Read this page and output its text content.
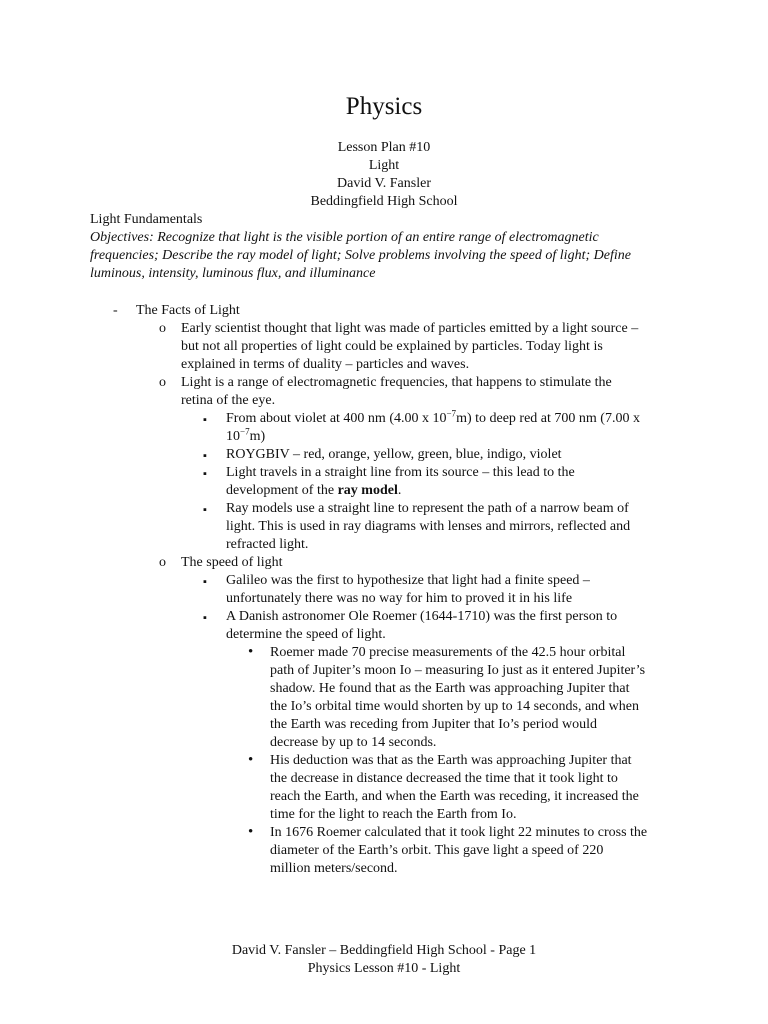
Physics
Lesson Plan #10
Light
David V. Fansler
Beddingfield High School
Light Fundamentals
Objectives: Recognize that light is the visible portion of an entire range of electromagnetic
frequencies; Describe the ray model of light; Solve problems involving the speed of light; Define
luminous, intensity, luminous flux, and illuminance
- The Facts of Light
o Early scientist thought that light was made of particles emitted by a light source –
but not all properties of light could be explained by particles. Today light is
explained in terms of duality – particles and waves.
o Light is a range of electromagnetic frequencies, that happens to stimulate the
retina of the eye.
▪ From about violet at 400 nm (4.00 x $10^{-7}m$) to deep red at 700 nm (7.00 x
$10^{-7}m$)
▪ ROYGBIV – red, orange, yellow, green, blue, indigo, violet
▪ Light travels in a straight line from its source – this lead to the
development of the ray model.
▪ Ray models use a straight line to represent the path of a narrow beam of
light. This is used in ray diagrams with lenses and mirrors, reflected and
refracted light.
o The speed of light
▪ Galileo was the first to hypothesize that light had a finite speed –
unfortunately there was no way for him to proved it in his life
▪ A Danish astronomer Ole Roemer (1644-1710) was the first person to
determine the speed of light.
• Roemer made 70 precise measurements of the 42.5 hour orbital
path of Jupiter’s moon Io – measuring Io just as it entered Jupiter’s
shadow. He found that as the Earth was approaching Jupiter that
the Io’s orbital time would shorten by up to 14 seconds, and when
the Earth was receding from Jupiter that Io’s period would
decrease by up to 14 seconds.
• His deduction was that as the Earth was approaching Jupiter that
the decrease in distance decreased the time that it took light to
reach the Earth, and when the Earth was receding, it increased the
time for the light to reach the Earth from Io.
• In 1676 Roemer calculated that it took light 22 minutes to cross the
diameter of the Earth’s orbit. This gave light a speed of 220
million meters/second.
David V. Fansler – Beddingfield High School - Page 1
Physics Lesson #10 - Light
